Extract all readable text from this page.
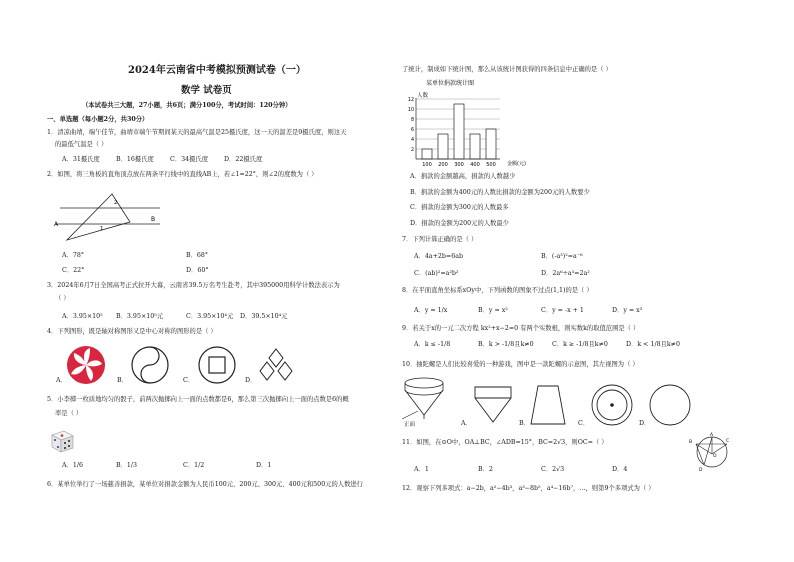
2024年云南省中考模拟预测试卷（一）
数学 试卷页
（本试卷共三大题，27小题，共6页；满分100分，考试时间：120分钟）
一、单选题（每小题2分，共30分）
1．清凉曲靖，端午佳节，曲靖市端午节期间某天的最高气温是25摄氏度，这一天的温差是9摄氏度，则这天
的最低气温是（ ）
A．31摄氏度	B．16摄氏度	C．34摄氏度	D．22摄氏度
2．如图，将三角板的直角顶点放在两条平行线中的直线AB上，若∠1=22°，则∠2的度数为（ ）
A
B
2
1
A．78°	B．68°
C．22°	D．60°
3．2024年6月7日全国高考正式拉开大幕，云南省39.5万名考生赴考，其中395000用科学计数法表示为
（ ）
A．3.95×10⁵ B．3.95×10⁵元	C．3.95×10⁴元 D．39.5×10⁴元
4．下列图形，既是轴对称图形又是中心对称的图形的是（ ）
A．	B．	C．	D．
5．小李掷一枚质地均匀的骰子，前两次抛掷向上一面的点数都是6，那么第三次抛掷向上一面的点数是6的概
率是（ ）
A．1/6	B．1/3	C．1/2	D．1
6．某单位举行了一场慈善捐款，某单位对捐款金额为人民币100元、200元、300元、400元和500元的人数进行
了统计，制成如下统计图，那么从该统计图获得的四条信息中正确的是（ ）
某单位捐款统计图
人数
100 200 300 400 500
2
4
6
8
10
12
金额(元)
A．捐款的金额越高，捐款的人数越少
B．捐款的金额为400元的人数比捐款的金额为200元的人数要少
C．捐款的金额为300元的人数最多
D．捐款的金额为200元的人数最少
7．下列计算正确的是（ ）
A．4a+2b=6ab	B．(-a³)²=a⁻⁶
C．(ab)²=a²b²	D．2a⁶÷a³=2a²
8．在平面直角坐标系xOy中，下列函数的图象不过点(1,1)的是（ ）
A．y = 1/x	B．y = x²	C．y = -x + 1	D．y = x³
9．若关于x的一元二次方程 kx²+x−2=0 有两个实数根，则实数k的取值范围是（ ）
A．k ≤ -1/8	B．k > -1/8且k≠0	C．k ≥ -1/8且k≠0	D．k < 1/8且k≠0
10．抽陀螺是人们比较喜爱的一种游戏，图中是一款陀螺的示意图，其左视图为（ ）
正面	A．	B．	C．	D．
11．如图，在⊙O中，OA⊥BC，∠ADB=15°，BC=2√3，则OC=（ ）	B
A
C
O
D
A．1	B．2	C．2√3	D．4
12．观察下列多项式：a−2b，a²−4b³，a³−8b⁵，a⁴−16b⁷，…，则第9个多项式为（ ）
